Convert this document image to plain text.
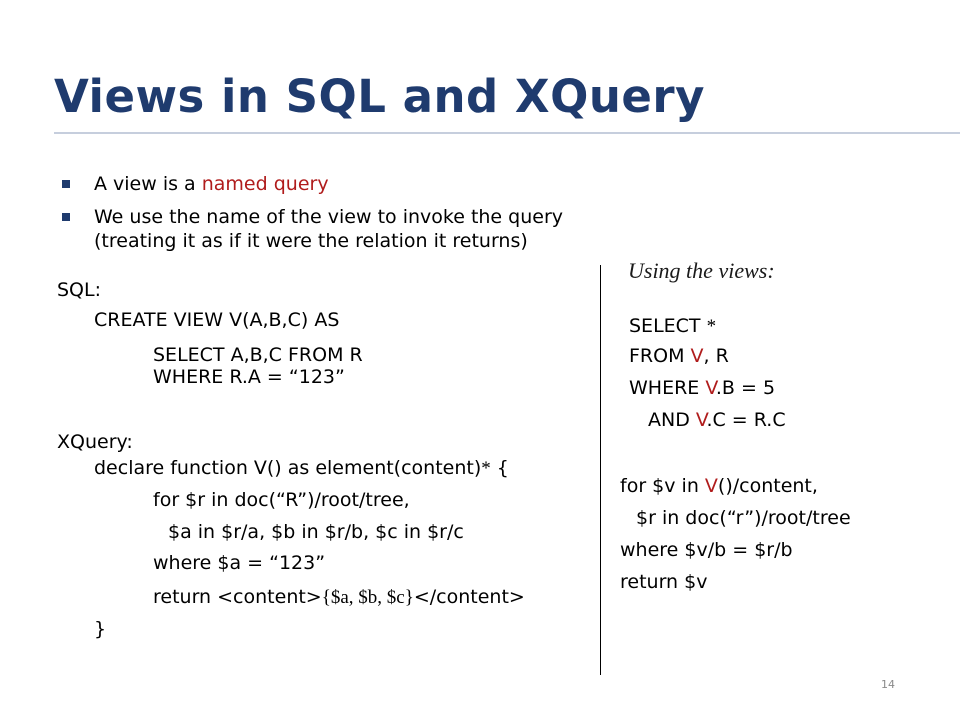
Views in SQL and XQuery
A view is a named query
We use the name of the view to invoke the query
(treating it as if it were the relation it returns)
SQL:
CREATE VIEW V(A,B,C) AS
SELECT A,B,C FROM R
WHERE R.A = “123”
XQuery:
declare function V() as element(content)* {
for $r in doc(“R”)/root/tree,
$a in $r/a, $b in $r/b, $c in $r/c
where $a = “123”
return <content>{$a, $b, $c}</content>
}
Using the views:
SELECT *
FROM V, R
WHERE V.B = 5
AND V.C = R.C
for $v in V()/content,
$r in doc(“r”)/root/tree
where $v/b = $r/b
return $v
14
